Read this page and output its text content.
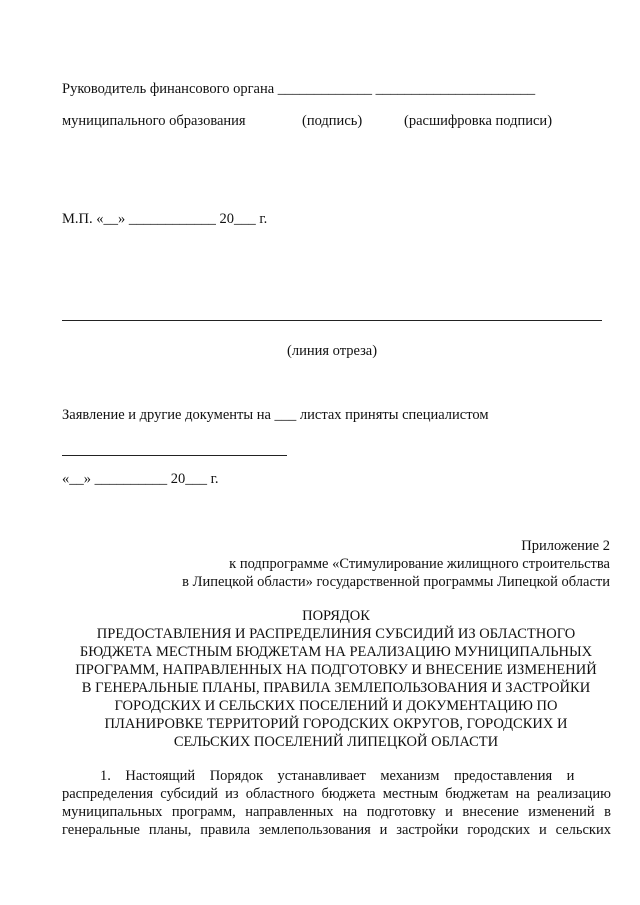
Руководитель финансового органа _____________ ______________________
муниципального образования	(подпись)	(расшифровка подписи)
М.П. «__» ____________ 20___ г.
(линия отреза)
Заявление и другие документы на ___ листах приняты специалистом
«__» __________ 20___ г.
Приложение 2
к подпрограмме «Стимулирование жилищного строительства
в Липецкой области» государственной программы Липецкой области
ПОРЯДОК
ПРЕДОСТАВЛЕНИЯ И РАСПРЕДЕЛИНИЯ СУБСИДИЙ ИЗ ОБЛАСТНОГО
БЮДЖЕТА МЕСТНЫМ БЮДЖЕТАМ НА РЕАЛИЗАЦИЮ МУНИЦИПАЛЬНЫХ
ПРОГРАММ, НАПРАВЛЕННЫХ НА ПОДГОТОВКУ И ВНЕСЕНИЕ ИЗМЕНЕНИЙ
В ГЕНЕРАЛЬНЫЕ ПЛАНЫ, ПРАВИЛА ЗЕМЛЕПОЛЬЗОВАНИЯ И ЗАСТРОЙКИ
ГОРОДСКИХ И СЕЛЬСКИХ ПОСЕЛЕНИЙ И ДОКУМЕНТАЦИЮ ПО
ПЛАНИРОВКЕ ТЕРРИТОРИЙ ГОРОДСКИХ ОКРУГОВ, ГОРОДСКИХ И
СЕЛЬСКИХ ПОСЕЛЕНИЙ ЛИПЕЦКОЙ ОБЛАСТИ
1.    Настоящий    Порядок    устанавливает    механизм    предоставления    и
распределения субсидий из областного бюджета местным бюджетам на реализацию
муниципальных программ, направленных на подготовку и внесение изменений в
генеральные планы, правила землепользования и застройки городских и сельских
